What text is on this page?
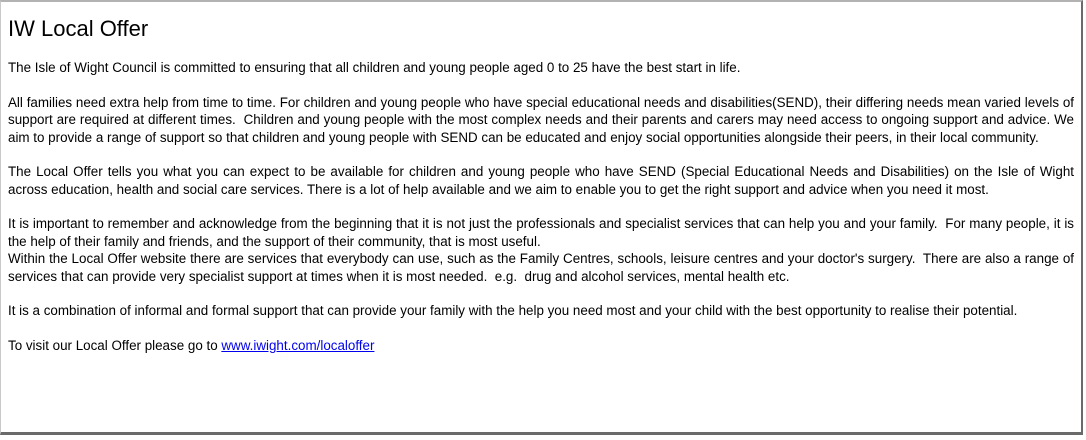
IW Local Offer

The Isle of Wight Council is committed to ensuring that all children and young people aged 0 to 25 have the best start in life.

All families need extra help from time to time. For children and young people who have special educational needs and disabilities(SEND), their differing needs mean varied levels of support are required at different times.  Children and young people with the most complex needs and their parents and carers may need access to ongoing support and advice. We aim to provide a range of support so that children and young people with SEND can be educated and enjoy social opportunities alongside their peers, in their local community.

The Local Offer tells you what you can expect to be available for children and young people who have SEND (Special Educational Needs and Disabilities) on the Isle of Wight across education, health and social care services. There is a lot of help available and we aim to enable you to get the right support and advice when you need it most.

It is important to remember and acknowledge from the beginning that it is not just the professionals and specialist services that can help you and your family.  For many people, it is the help of their family and friends, and the support of their community, that is most useful.
Within the Local Offer website there are services that everybody can use, such as the Family Centres, schools, leisure centres and your doctor's surgery.  There are also a range of services that can provide very specialist support at times when it is most needed.  e.g.  drug and alcohol services, mental health etc.

It is a combination of informal and formal support that can provide your family with the help you need most and your child with the best opportunity to realise their potential.

To visit our Local Offer please go to www.iwight.com/localoffer
